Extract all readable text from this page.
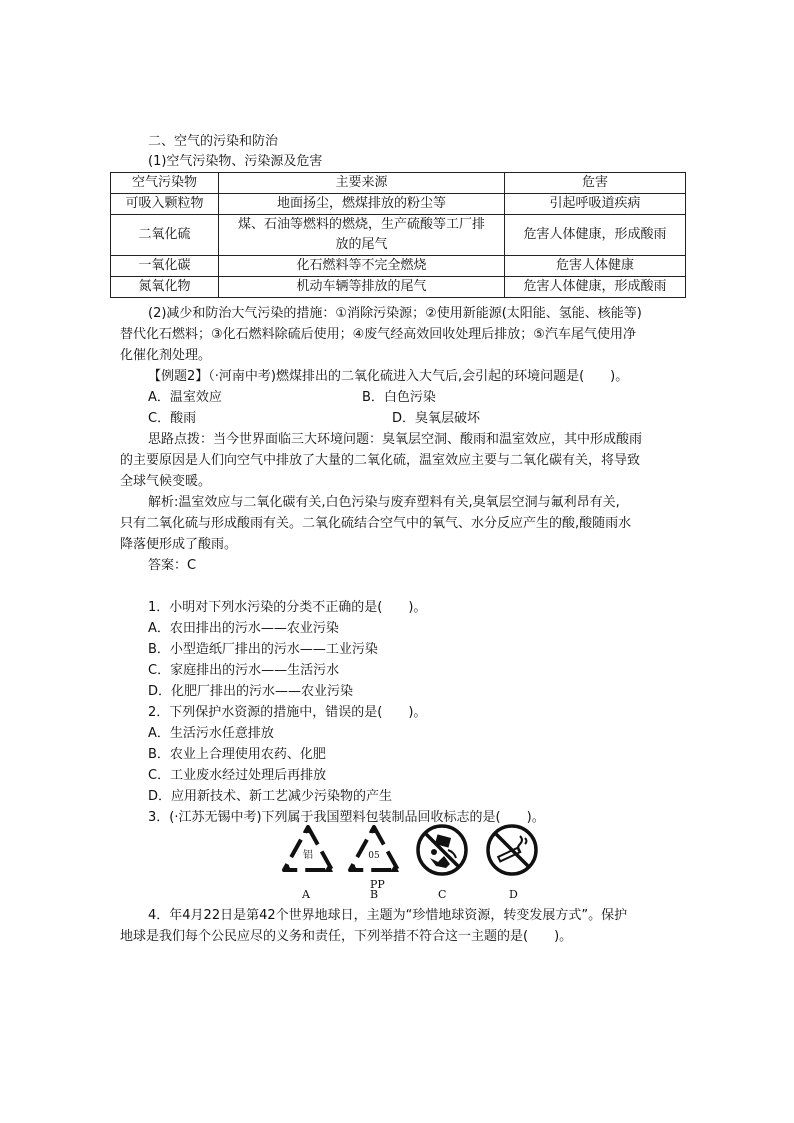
二、空气的污染和防治
(1)空气污染物、污染源及危害
空气污染物	主要来源	危害
可吸入颗粒物	地面扬尘，燃煤排放的粉尘等	引起呼吸道疾病
二氧化硫	煤、石油等燃料的燃烧，生产硫酸等工厂排
放的尾气	危害人体健康，形成酸雨
一氧化碳	化石燃料等不完全燃烧	危害人体健康
氮氧化物	机动车辆等排放的尾气	危害人体健康，形成酸雨
(2)减少和防治大气污染的措施：①消除污染源；②使用新能源(太阳能、氢能、核能等)
替代化石燃料；③化石燃料除硫后使用；④废气经高效回收处理后排放；⑤汽车尾气使用净
化催化剂处理。
【例题2】（·河南中考)燃煤排出的二氧化硫进入大气后,会引起的环境问题是(　　)。
A．温室效应	B．白色污染
C．酸雨	D．臭氧层破坏
思路点拨：当今世界面临三大环境问题：臭氧层空洞、酸雨和温室效应，其中形成酸雨
的主要原因是人们向空气中排放了大量的二氧化硫，温室效应主要与二氧化碳有关，将导致
全球气候变暖。
解析:温室效应与二氧化碳有关,白色污染与废弃塑料有关,臭氧层空洞与氟利昂有关,
只有二氧化硫与形成酸雨有关。二氧化硫结合空气中的氧气、水分反应产生的酸,酸随雨水
降落便形成了酸雨。
答案：C
1．小明对下列水污染的分类不正确的是(　　)。
A．农田排出的污水——农业污染
B．小型造纸厂排出的污水——工业污染
C．家庭排出的污水——生活污水
D．化肥厂排出的污水——农业污染
2．下列保护水资源的措施中，错误的是(　　)。
A．生活污水任意排放
B．农业上合理使用农药、化肥
C．工业废水经过处理后再排放
D．应用新技术、新工艺减少污染物的产生
3．(·江苏无锡中考)下列属于我国塑料包装制品回收标志的是(　　)。
铝	05
PP
A	B	C	D
4．年4月22日是第42个世界地球日，主题为“珍惜地球资源，转变发展方式”。保护
地球是我们每个公民应尽的义务和责任，下列举措不符合这一主题的是(　　)。
